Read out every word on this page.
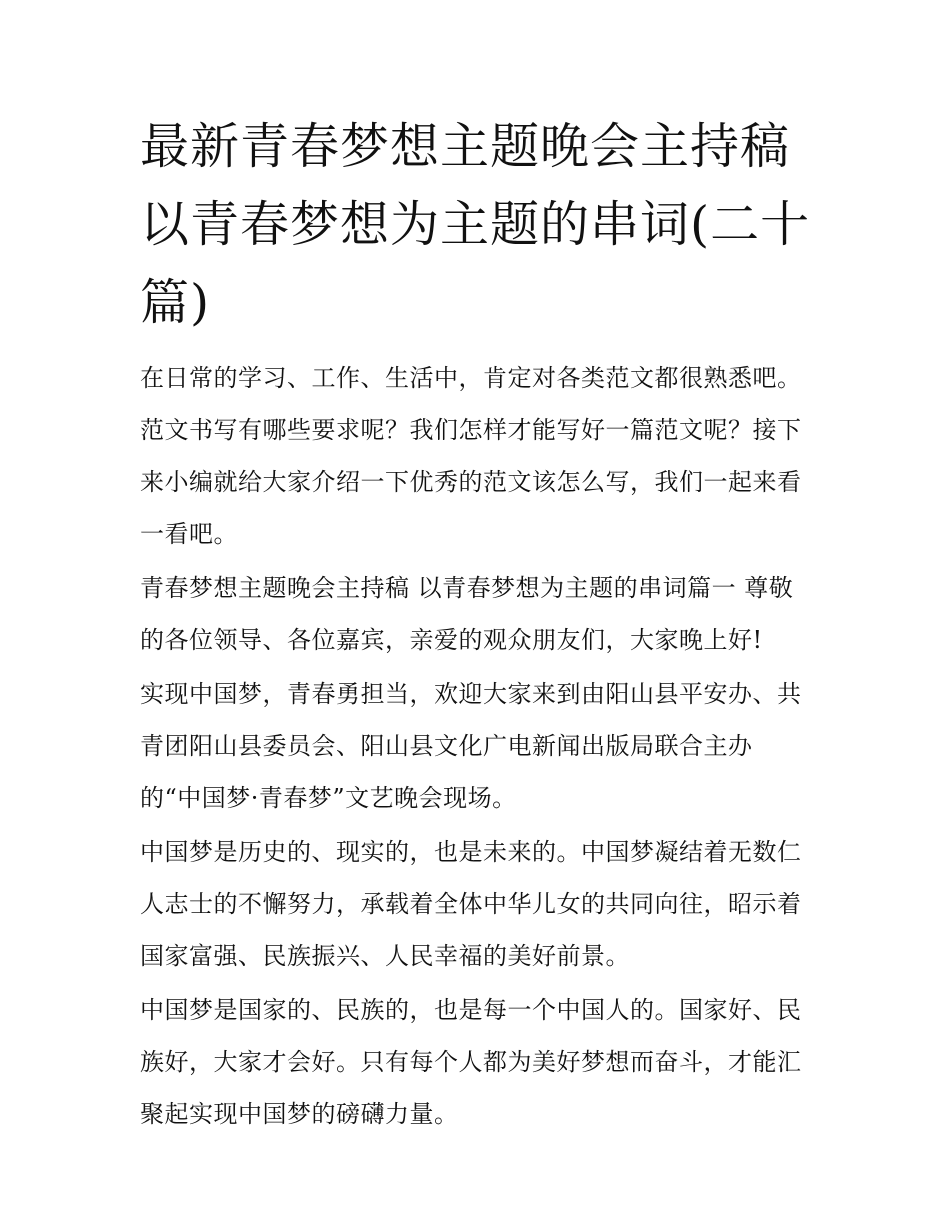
最新青春梦想主题晚会主持稿
以青春梦想为主题的串词(二十
篇)
在日常的学习、工作、生活中，肯定对各类范文都很熟悉吧。
范文书写有哪些要求呢？我们怎样才能写好一篇范文呢？接下
来小编就给大家介绍一下优秀的范文该怎么写，我们一起来看
一看吧。
青春梦想主题晚会主持稿 以青春梦想为主题的串词篇一 尊敬
的各位领导、各位嘉宾，亲爱的观众朋友们，大家晚上好!
实现中国梦，青春勇担当，欢迎大家来到由阳山县平安办、共
青团阳山县委员会、阳山县文化广电新闻出版局联合主办
的“中国梦·青春梦”文艺晚会现场。
中国梦是历史的、现实的，也是未来的。中国梦凝结着无数仁
人志士的不懈努力，承载着全体中华儿女的共同向往，昭示着
国家富强、民族振兴、人民幸福的美好前景。
中国梦是国家的、民族的，也是每一个中国人的。国家好、民
族好，大家才会好。只有每个人都为美好梦想而奋斗，才能汇
聚起实现中国梦的磅礴力量。
